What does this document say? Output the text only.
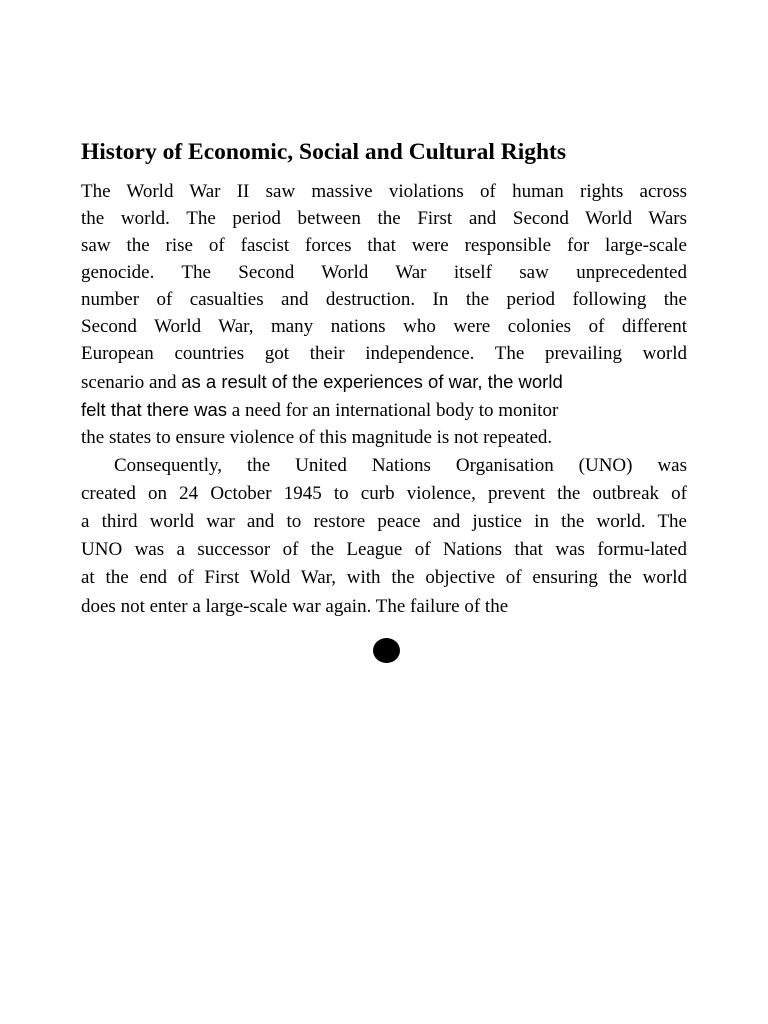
History of Economic, Social and Cultural Rights

The World War II saw massive violations of human rights across

the world. The period between the First and Second World Wars

saw the rise of fascist forces that were responsible for large-scale

genocide. The Second World War itself saw unprecedented

number of casualties and destruction. In the period following the

Second World War, many nations who were colonies of different

European countries got their independence. The prevailing world

scenario and as a result of the experiences of war, the world

felt that there was a need for an international body to monitor

the states to ensure violence of this magnitude is not repeated.

Consequently, the United Nations Organisation (UNO) was

created on 24 October 1945 to curb violence, prevent the outbreak of

a third world war and to restore peace and justice in the world. The

UNO was a successor of the League of Nations that was formu-lated

at the end of First Wold War, with the objective of ensuring the world

does not enter a large-scale war again. The failure of the
